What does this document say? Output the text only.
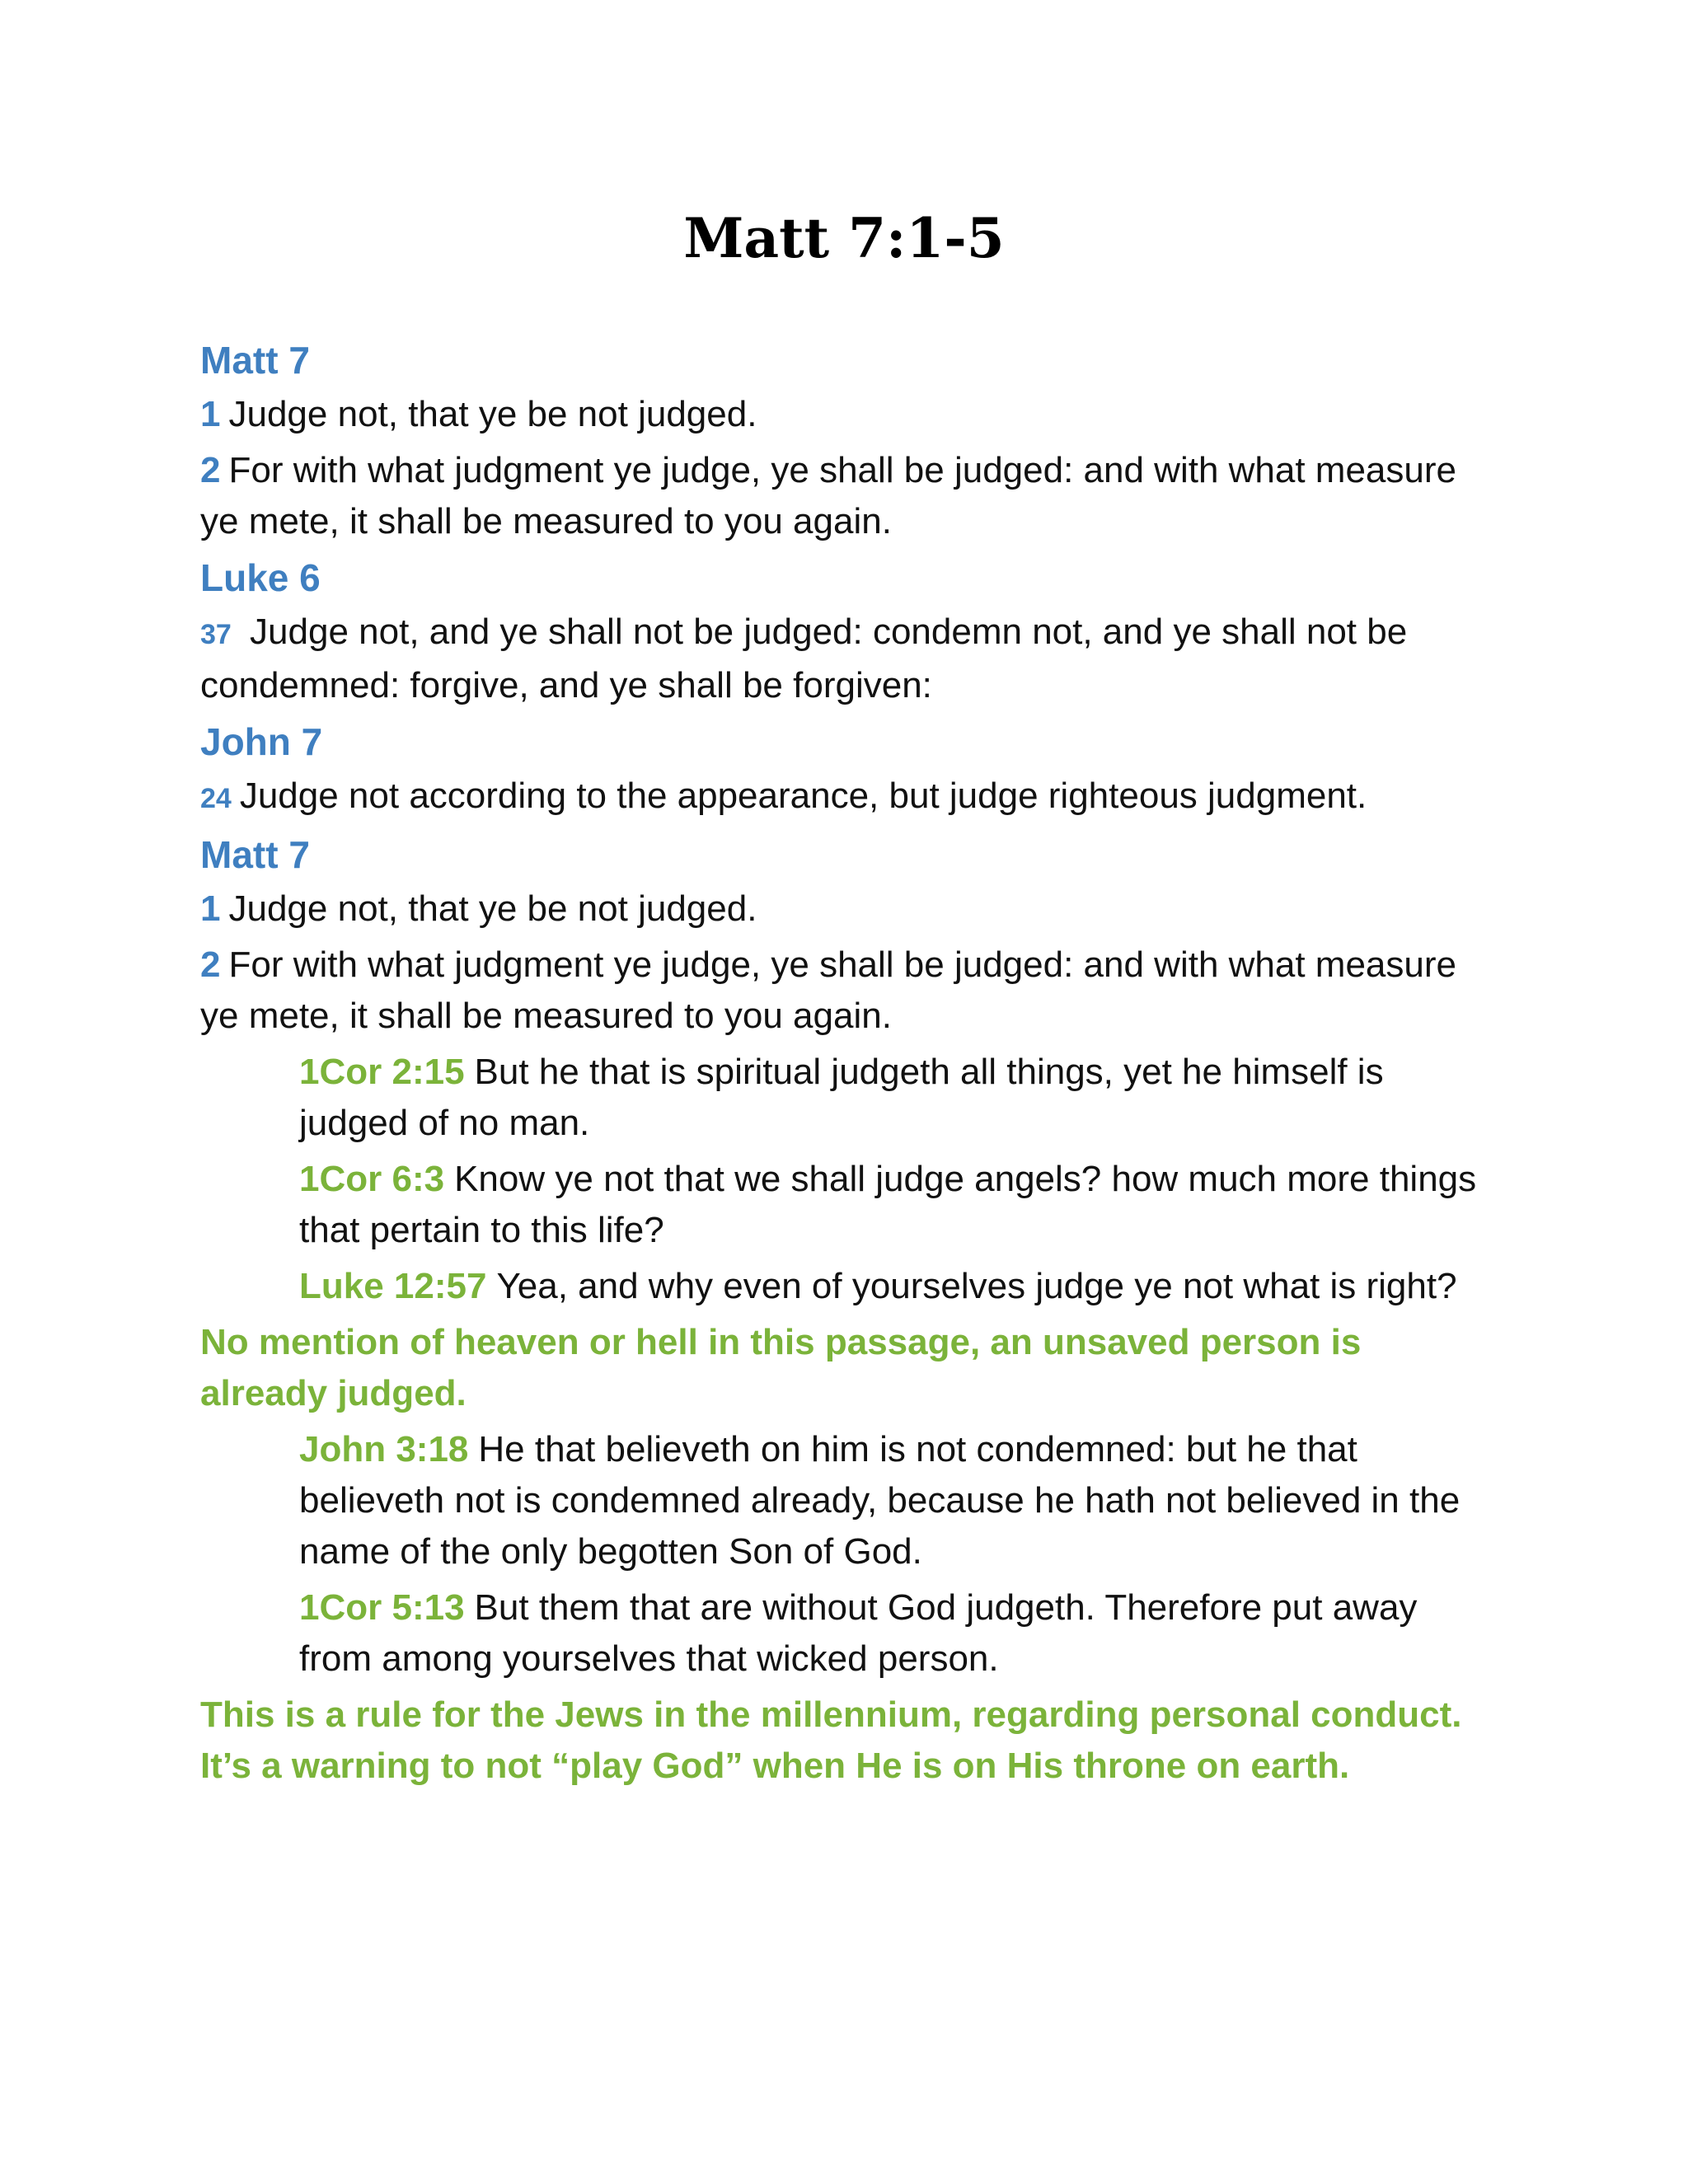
Matt 7:1-5
Matt 7
1 Judge not, that ye be not judged.
2 For with what judgment ye judge, ye shall be judged: and with what measure ye mete, it shall be measured to you again.
Luke 6
37 Judge not, and ye shall not be judged: condemn not, and ye shall not be condemned: forgive, and ye shall be forgiven:
John 7
24 Judge not according to the appearance, but judge righteous judgment.
Matt 7
1 Judge not, that ye be not judged.
2 For with what judgment ye judge, ye shall be judged: and with what measure ye mete, it shall be measured to you again.
1Cor 2:15 But he that is spiritual judgeth all things, yet he himself is judged of no man.
1Cor 6:3 Know ye not that we shall judge angels? how much more things that pertain to this life?
Luke 12:57 Yea, and why even of yourselves judge ye not what is right?
No mention of heaven or hell in this passage, an unsaved person is already judged.
John 3:18 He that believeth on him is not condemned: but he that believeth not is condemned already, because he hath not believed in the name of the only begotten Son of God.
1Cor 5:13 But them that are without God judgeth. Therefore put away from among yourselves that wicked person.
This is a rule for the Jews in the millennium, regarding personal conduct. It’s a warning to not “play God” when He is on His throne on earth.
